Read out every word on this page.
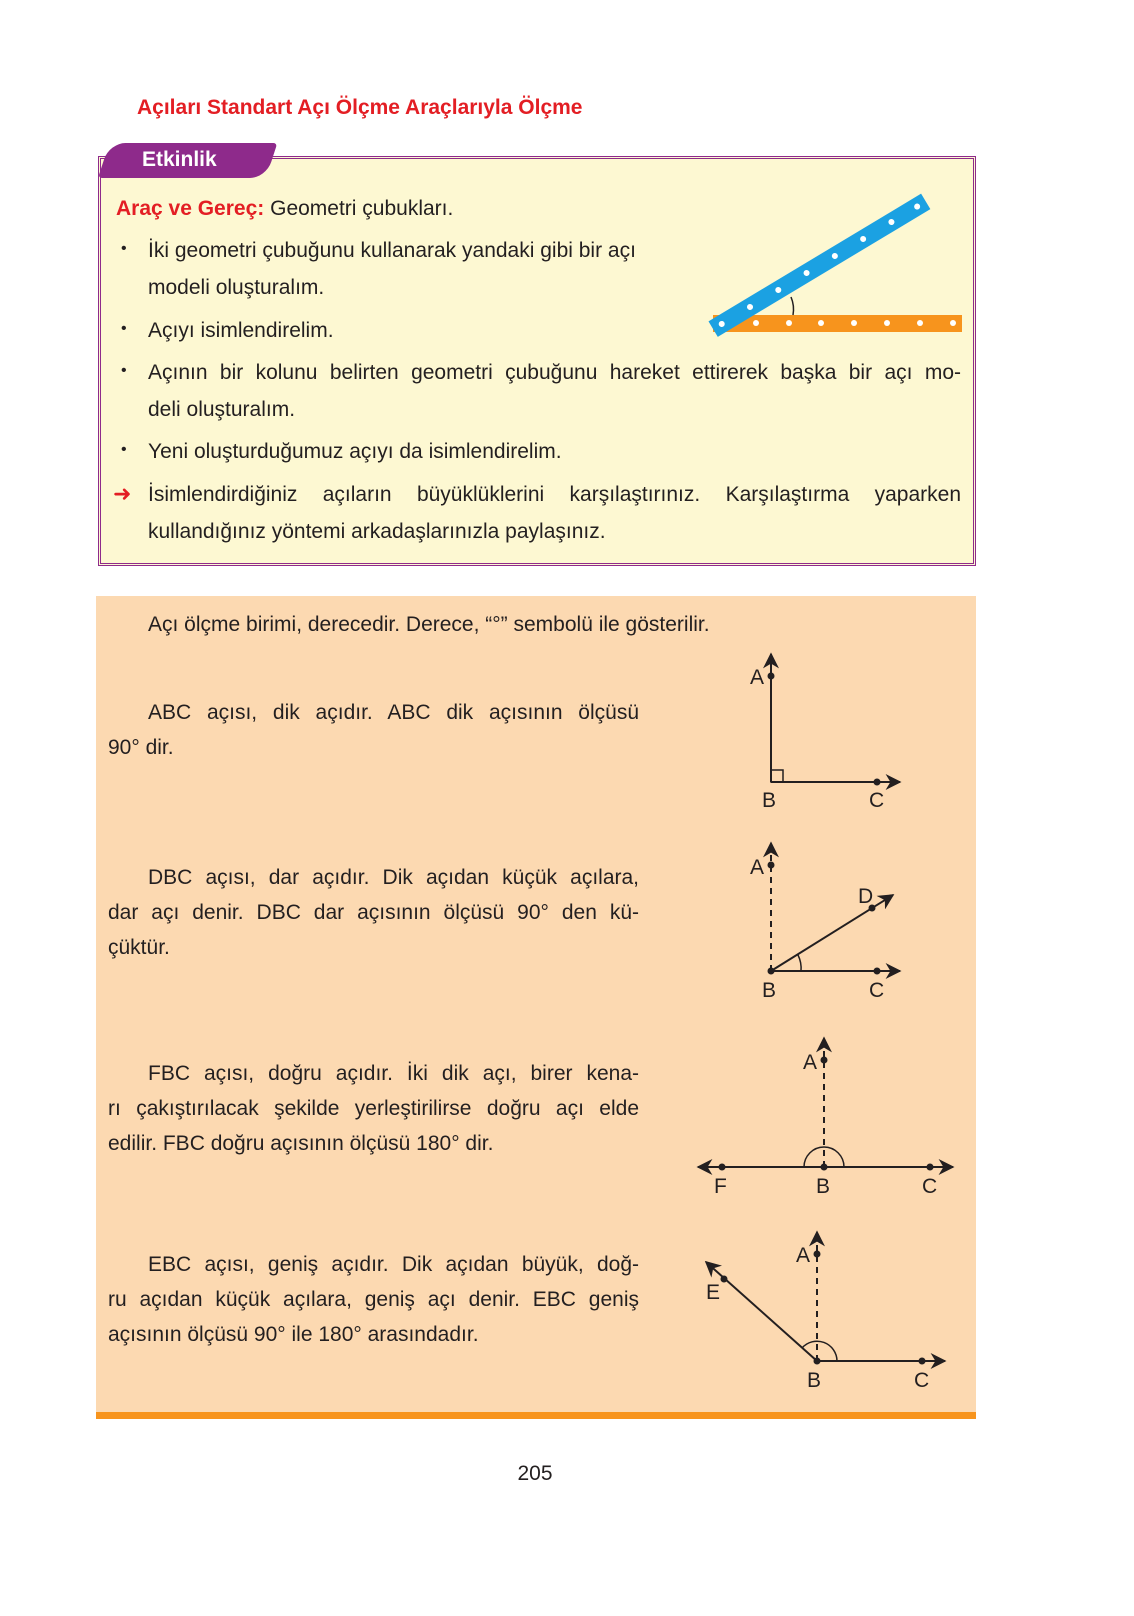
Açıları Standart Açı Ölçme Araçlarıyla Ölçme
Etkinlik
Araç ve Gereç: Geometri çubukları.
• İki geometri çubuğunu kullanarak yandaki gibi bir açı
modeli oluşturalım.
• Açıyı isimlendirelim.
• Açının bir kolunu belirten geometri çubuğunu hareket ettirerek başka bir açı mo-
deli oluşturalım.
• Yeni oluşturduğumuz açıyı da isimlendirelim.
➜ İsimlendirdiğiniz açıların büyüklüklerini karşılaştırınız. Karşılaştırma yaparken
kullandığınız yöntemi arkadaşlarınızla paylaşınız.
Açı ölçme birimi, derecedir. Derece, “°” sembolü ile gösterilir.
ABC açısı, dik açıdır. ABC dik açısının ölçüsü
90° dir.
DBC açısı, dar açıdır. Dik açıdan küçük açılara,
dar açı denir. DBC dar açısının ölçüsü 90° den kü-
çüktür.
FBC açısı, doğru açıdır. İki dik açı, birer kena-
rı çakıştırılacak şekilde yerleştirilirse doğru açı elde
edilir. FBC doğru açısının ölçüsü 180° dir.
EBC açısı, geniş açıdır. Dik açıdan büyük, doğ-
ru açıdan küçük açılara, geniş açı denir. EBC geniş
açısının ölçüsü 90° ile 180° arasındadır.
A
B	C
A
D
B	C
A
F	B	C
A
E
B	C
205
